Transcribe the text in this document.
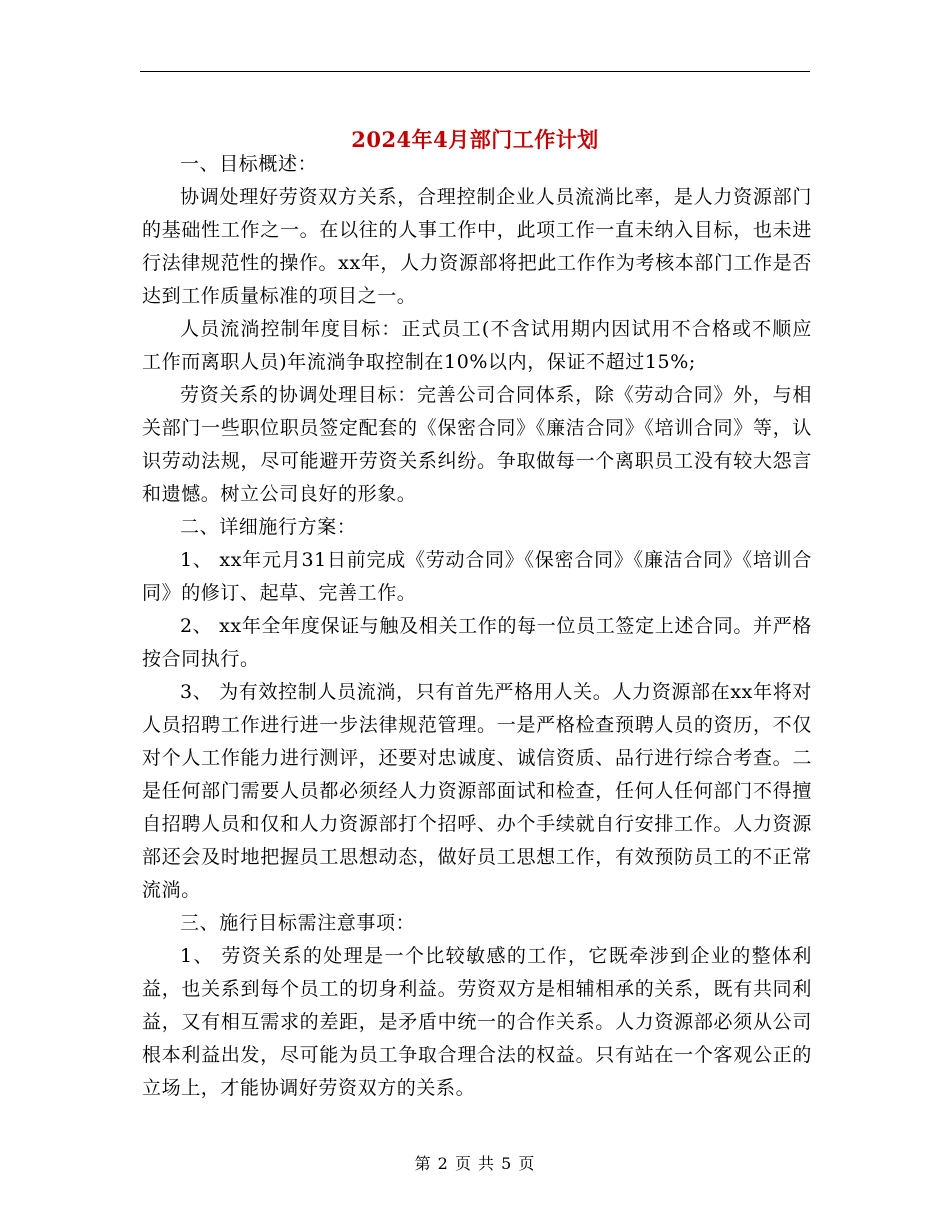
2024年4月部门工作计划

一、目标概述：

协调处理好劳资双方关系，合理控制企业人员流淌比率，是人力资源部门的基础性工作之一。在以往的人事工作中，此项工作一直未纳入目标，也未进行法律规范性的操作。xx年，人力资源部将把此工作作为考核本部门工作是否达到工作质量标准的项目之一。

人员流淌控制年度目标：正式员工(不含试用期内因试用不合格或不顺应工作而离职人员)年流淌争取控制在10%以内，保证不超过15%;

劳资关系的协调处理目标：完善公司合同体系，除《劳动合同》外，与相关部门一些职位职员签定配套的《保密合同》《廉洁合同》《培训合同》等，认识劳动法规，尽可能避开劳资关系纠纷。争取做每一个离职员工没有较大怨言和遗憾。树立公司良好的形象。

二、详细施行方案：

1、 xx年元月31日前完成《劳动合同》《保密合同》《廉洁合同》《培训合同》的修订、起草、完善工作。

2、 xx年全年度保证与触及相关工作的每一位员工签定上述合同。并严格按合同执行。

3、 为有效控制人员流淌，只有首先严格用人关。人力资源部在xx年将对人员招聘工作进行进一步法律规范管理。一是严格检查预聘人员的资历，不仅对个人工作能力进行测评，还要对忠诚度、诚信资质、品行进行综合考查。二是任何部门需要人员都必须经人力资源部面试和检查，任何人任何部门不得擅自招聘人员和仅和人力资源部打个招呼、办个手续就自行安排工作。人力资源部还会及时地把握员工思想动态，做好员工思想工作，有效预防员工的不正常流淌。

三、施行目标需注意事项：

1、 劳资关系的处理是一个比较敏感的工作，它既牵涉到企业的整体利益，也关系到每个员工的切身利益。劳资双方是相辅相承的关系，既有共同利益，又有相互需求的差距，是矛盾中统一的合作关系。人力资源部必须从公司根本利益出发，尽可能为员工争取合理合法的权益。只有站在一个客观公正的立场上，才能协调好劳资双方的关系。

第 2 页 共 5 页
